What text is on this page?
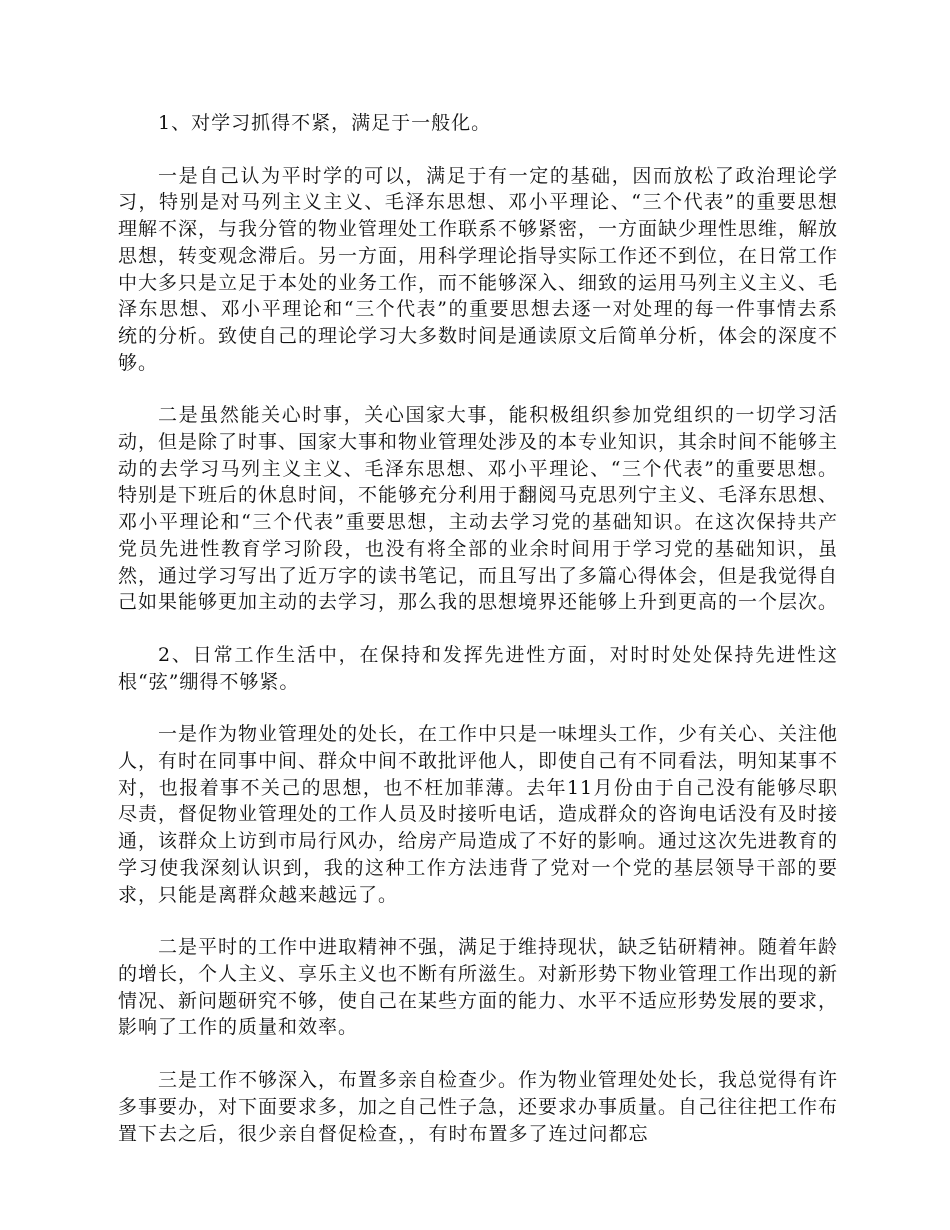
1、对学习抓得不紧，满足于一般化。

一是自己认为平时学的可以，满足于有一定的基础，因而放松了政治理论学习，特别是对马列主义主义、毛泽东思想、邓小平理论、“三个代表”的重要思想理解不深，与我分管的物业管理处工作联系不够紧密，一方面缺少理性思维，解放思想，转变观念滞后。另一方面，用科学理论指导实际工作还不到位，在日常工作中大多只是立足于本处的业务工作，而不能够深入、细致的运用马列主义主义、毛泽东思想、邓小平理论和“三个代表”的重要思想去逐一对处理的每一件事情去系统的分析。致使自己的理论学习大多数时间是通读原文后简单分析，体会的深度不够。

二是虽然能关心时事，关心国家大事，能积极组织参加党组织的一切学习活动，但是除了时事、国家大事和物业管理处涉及的本专业知识，其余时间不能够主动的去学习马列主义主义、毛泽东思想、邓小平理论、“三个代表”的重要思想。特别是下班后的休息时间，不能够充分利用于翻阅马克思列宁主义、毛泽东思想、邓小平理论和“三个代表”重要思想，主动去学习党的基础知识。在这次保持共产党员先进性教育学习阶段，也没有将全部的业余时间用于学习党的基础知识，虽然，通过学习写出了近万字的读书笔记，而且写出了多篇心得体会，但是我觉得自己如果能够更加主动的去学习，那么我的思想境界还能够上升到更高的一个层次。

2、日常工作生活中，在保持和发挥先进性方面，对时时处处保持先进性这根“弦”绷得不够紧。

一是作为物业管理处的处长，在工作中只是一味埋头工作，少有关心、关注他人，有时在同事中间、群众中间不敢批评他人，即使自己有不同看法，明知某事不对，也报着事不关己的思想，也不枉加菲薄。去年11月份由于自己没有能够尽职尽责，督促物业管理处的工作人员及时接听电话，造成群众的咨询电话没有及时接通，该群众上访到市局行风办，给房产局造成了不好的影响。通过这次先进教育的学习使我深刻认识到，我的这种工作方法违背了党对一个党的基层领导干部的要求，只能是离群众越来越远了。

二是平时的工作中进取精神不强，满足于维持现状，缺乏钻研精神。随着年龄的增长，个人主义、享乐主义也不断有所滋生。对新形势下物业管理工作出现的新情况、新问题研究不够，使自己在某些方面的能力、水平不适应形势发展的要求，影响了工作的质量和效率。

三是工作不够深入，布置多亲自检查少。作为物业管理处处长，我总觉得有许多事要办，对下面要求多，加之自己性子急，还要求办事质量。自己往往把工作布置下去之后，很少亲自督促检查，，有时布置多了连过问都忘
